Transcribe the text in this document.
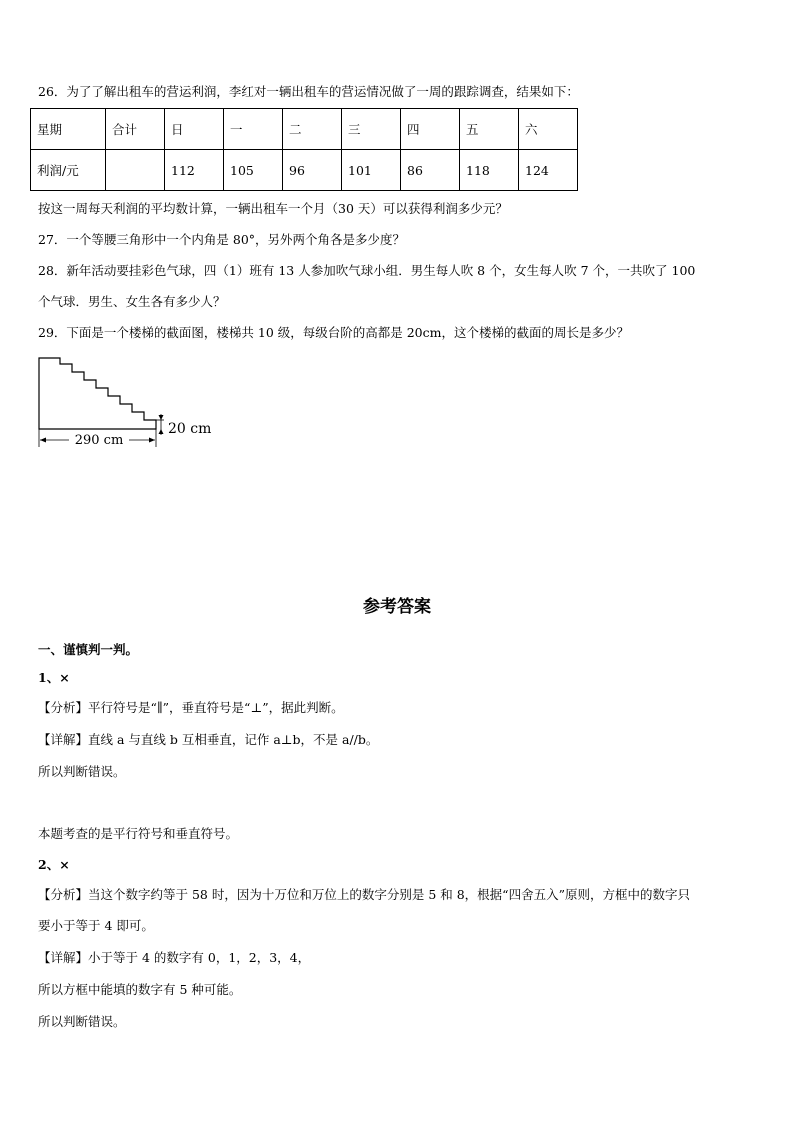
26．为了了解出租车的营运利润，李红对一辆出租车的营运情况做了一周的跟踪调查，结果如下：
星期	合计	日	一	二	三	四	五	六
利润/元		112	105	96	101	86	118	124
按这一周每天利润的平均数计算，一辆出租车一个月（30 天）可以获得利润多少元？
27．一个等腰三角形中一个内角是 80°，另外两个角各是多少度？
28．新年活动要挂彩色气球，四（1）班有 13 人参加吹气球小组．男生每人吹 8 个，女生每人吹 7 个，一共吹了 100
个气球．男生、女生各有多少人？
29．下面是一个楼梯的截面图，楼梯共 10 级，每级台阶的高都是 20cm，这个楼梯的截面的周长是多少？
290 cm
20 cm
参考答案
一、谨慎判一判。
1、×
【分析】平行符号是“∥”，垂直符号是“⊥”，据此判断。
【详解】直线 a 与直线 b 互相垂直，记作 a⊥b，不是 a//b。
所以判断错误。
本题考查的是平行符号和垂直符号。
2、×
【分析】当这个数字约等于 58 时，因为十万位和万位上的数字分别是 5 和 8，根据“四舍五入”原则，方框中的数字只
要小于等于 4 即可。
【详解】小于等于 4 的数字有 0，1，2，3，4，
所以方框中能填的数字有 5 种可能。
所以判断错误。
